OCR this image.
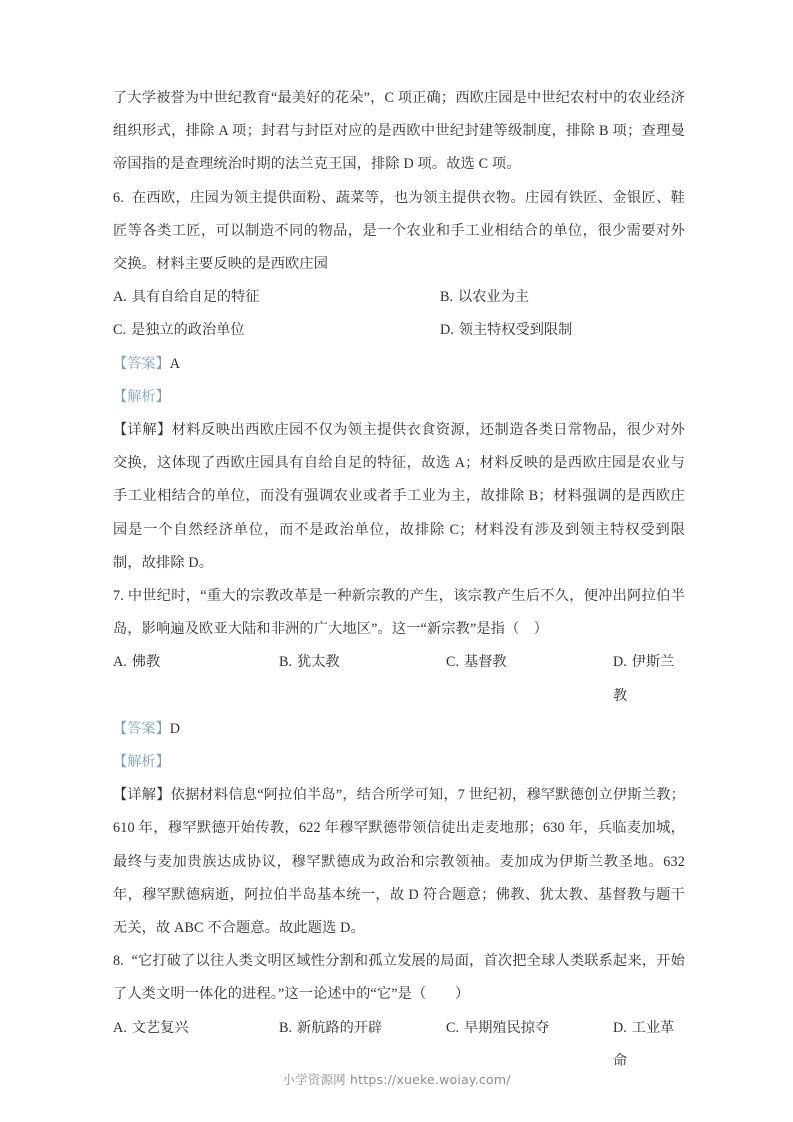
了大学被誉为中世纪教育“最美好的花朵”，C 项正确；西欧庄园是中世纪农村中的农业经济组织形式，排除 A 项；封君与封臣对应的是西欧中世纪封建等级制度，排除 B 项；查理曼帝国指的是查理统治时期的法兰克王国，排除 D 项。故选 C 项。

6. 在西欧，庄园为领主提供面粉、蔬菜等，也为领主提供衣物。庄园有铁匠、金银匠、鞋匠等各类工匠，可以制造不同的物品，是一个农业和手工业相结合的单位，很少需要对外交换。材料主要反映的是西欧庄园

A. 具有自给自足的特征	B. 以农业为主
C. 是独立的政治单位	D. 领主特权受到限制
【答案】A
【解析】

【详解】材料反映出西欧庄园不仅为领主提供衣食资源，还制造各类日常物品，很少对外交换，这体现了西欧庄园具有自给自足的特征，故选 A；材料反映的是西欧庄园是农业与手工业相结合的单位，而没有强调农业或者手工业为主，故排除 B；材料强调的是西欧庄园是一个自然经济单位，而不是政治单位，故排除 C；材料没有涉及到领主特权受到限制，故排除 D。

7. 中世纪时，“重大的宗教改革是一种新宗教的产生，该宗教产生后不久，便冲出阿拉伯半岛，影响遍及欧亚大陆和非洲的广大地区”。这一“新宗教”是指（　）

A. 佛教	B. 犹太教	C. 基督教	D. 伊斯兰教
【答案】D
【解析】

【详解】依据材料信息“阿拉伯半岛”，结合所学可知，7 世纪初，穆罕默德创立伊斯兰教；610 年，穆罕默德开始传教，622 年穆罕默德带领信徒出走麦地那；630 年，兵临麦加城，最终与麦加贵族达成协议，穆罕默德成为政治和宗教领袖。麦加成为伊斯兰教圣地。632 年，穆罕默德病逝，阿拉伯半岛基本统一，故 D 符合题意；佛教、犹太教、基督教与题干无关，故 ABC 不合题意。故此题选 D。

8. “它打破了以往人类文明区域性分割和孤立发展的局面，首次把全球人类联系起来，开始了人类文明一体化的进程。”这一论述中的“它”是（　　）

A. 文艺复兴	B. 新航路的开辟	C. 早期殖民掠夺	D. 工业革命
小学资源网 https://xueke.woiay.com/
